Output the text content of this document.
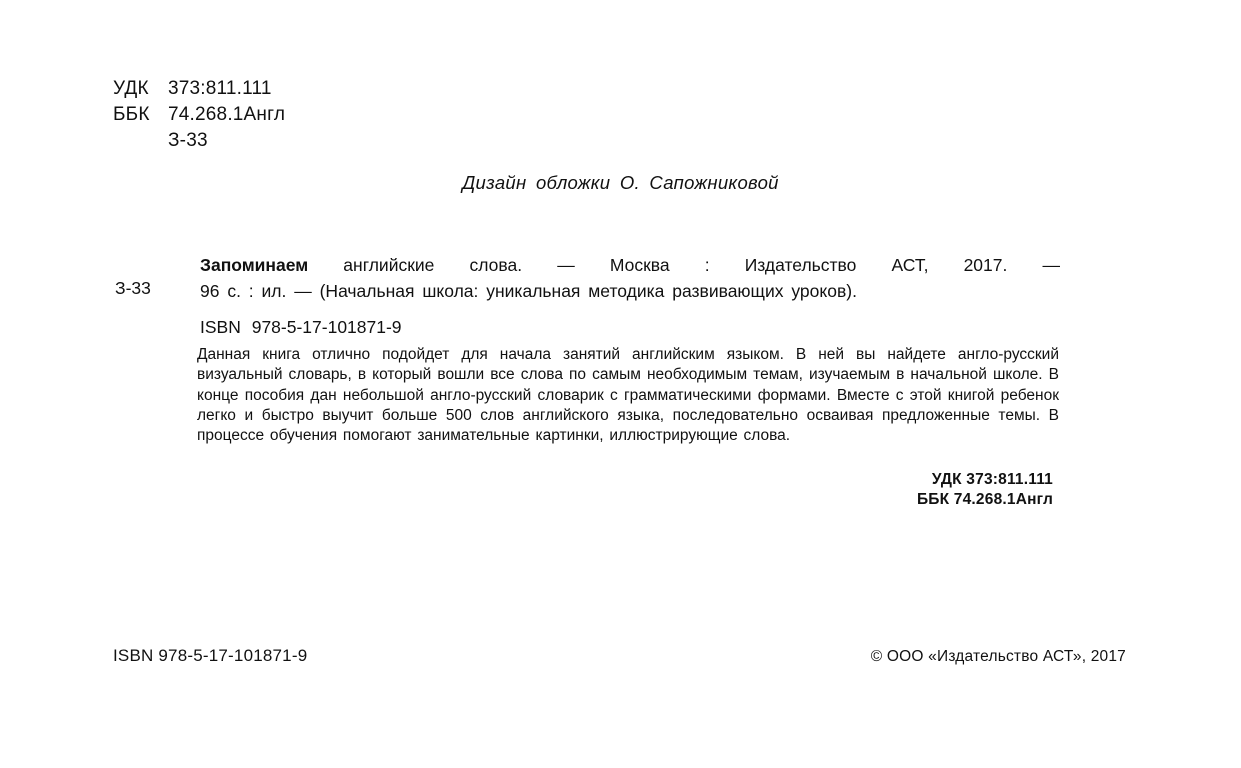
УДК	373:811.111
ББК 74.268.1Англ
З-33
Дизайн обложки О. Сапожниковой
З-33
Запоминаем английские слова. — Москва : Издательство АСТ, 2017. —
96 с. : ил. — (Начальная школа: уникальная методика развивающих уроков).
ISBN 978-5-17-101871-9
Данная книга отлично подойдет для начала занятий английским языком. В ней вы найдете англо-русский визуальный словарь, в который вошли все слова по самым необходимым темам, изучаемым в начальной школе. В конце пособия дан небольшой англо-русский словарик с грамматическими формами. Вместе с этой книгой ребенок легко и быстро выучит больше 500 слов английского языка, последовательно осваивая предложенные темы. В процессе обучения помогают занимательные картинки, иллюстрирующие слова.
УДК 373:811.111
ББК 74.268.1Англ
ISBN 978-5-17-101871-9	© ООО «Издательство АСТ», 2017
